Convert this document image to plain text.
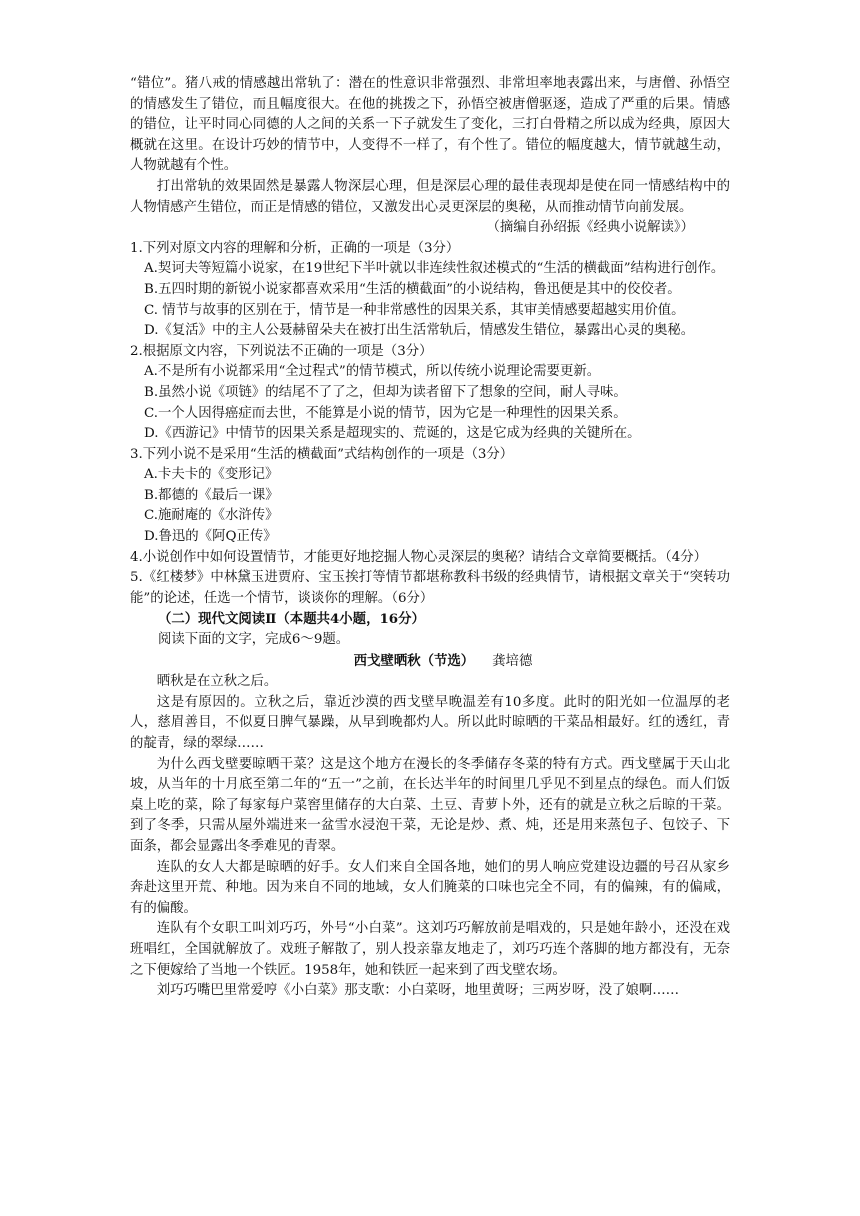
“错位”。猪八戒的情感越出常轨了：潜在的性意识非常强烈、非常坦率地表露出来，与唐僧、孙悟空的情感发生了错位，而且幅度很大。在他的挑拨之下，孙悟空被唐僧驱逐，造成了严重的后果。情感的错位，让平时同心同德的人之间的关系一下子就发生了变化，三打白骨精之所以成为经典，原因大概就在这里。在设计巧妙的情节中，人变得不一样了，有个性了。错位的幅度越大，情节就越生动，人物就越有个性。

打出常轨的效果固然是暴露人物深层心理，但是深层心理的最佳表现却是使在同一情感结构中的人物情感产生错位，而正是情感的错位，又激发出心灵更深层的奥秘，从而推动情节向前发展。

（摘编自孙绍振《经典小说解读》）

1.下列对原文内容的理解和分析，正确的一项是（3分）

A.契诃夫等短篇小说家，在19世纪下半叶就以非连续性叙述模式的“生活的横截面”结构进行创作。

B.五四时期的新锐小说家都喜欢采用“生活的横截面”的小说结构，鲁迅便是其中的佼佼者。

C. 情节与故事的区别在于，情节是一种非常感性的因果关系，其审美情感要超越实用价值。

D.《复活》中的主人公聂赫留朵夫在被打出生活常轨后，情感发生错位，暴露出心灵的奥秘。

2.根据原文内容，下列说法不正确的一项是（3分）

A.不是所有小说都采用“全过程式”的情节模式，所以传统小说理论需要更新。

B.虽然小说《项链》的结尾不了了之，但却为读者留下了想象的空间，耐人寻味。

C.一个人因得癌症而去世，不能算是小说的情节，因为它是一种理性的因果关系。

D.《西游记》中情节的因果关系是超现实的、荒诞的，这是它成为经典的关键所在。

3.下列小说不是采用“生活的横截面”式结构创作的一项是（3分）

A.卡夫卡的《变形记》

B.都德的《最后一课》

C.施耐庵的《水浒传》

D.鲁迅的《阿Q正传》

4.小说创作中如何设置情节，才能更好地挖掘人物心灵深层的奥秘？请结合文章简要概括。（4分）

5.《红楼梦》中林黛玉进贾府、宝玉挨打等情节都堪称教科书级的经典情节，请根据文章关于“突转功能”的论述，任选一个情节，谈谈你的理解。（6分）

（二）现代文阅读Ⅱ（本题共4小题，16分）

阅读下面的文字，完成6～9题。

西戈壁晒秋（节选） 龚培德

晒秋是在立秋之后。

这是有原因的。立秋之后，靠近沙漠的西戈壁早晚温差有10多度。此时的阳光如一位温厚的老人，慈眉善目，不似夏日脾气暴躁，从早到晚都灼人。所以此时晾晒的干菜品相最好。红的透红，青的靛青，绿的翠绿……

为什么西戈壁要晾晒干菜？这是这个地方在漫长的冬季储存冬菜的特有方式。西戈壁属于天山北坡，从当年的十月底至第二年的“五一”之前，在长达半年的时间里几乎见不到星点的绿色。而人们饭桌上吃的菜，除了每家每户菜窖里储存的大白菜、土豆、青萝卜外，还有的就是立秋之后晾的干菜。到了冬季，只需从屋外端进来一盆雪水浸泡干菜，无论是炒、煮、炖，还是用来蒸包子、包饺子、下面条，都会显露出冬季难见的青翠。

连队的女人大都是晾晒的好手。女人们来自全国各地，她们的男人响应党建设边疆的号召从家乡奔赴这里开荒、种地。因为来自不同的地域，女人们腌菜的口味也完全不同，有的偏辣，有的偏咸，有的偏酸。

连队有个女职工叫刘巧巧，外号“小白菜”。这刘巧巧解放前是唱戏的，只是她年龄小，还没在戏班唱红，全国就解放了。戏班子解散了，别人投亲靠友地走了，刘巧巧连个落脚的地方都没有，无奈之下便嫁给了当地一个铁匠。1958年，她和铁匠一起来到了西戈壁农场。

刘巧巧嘴巴里常爱哼《小白菜》那支歌：小白菜呀，地里黄呀；三两岁呀，没了娘啊……
